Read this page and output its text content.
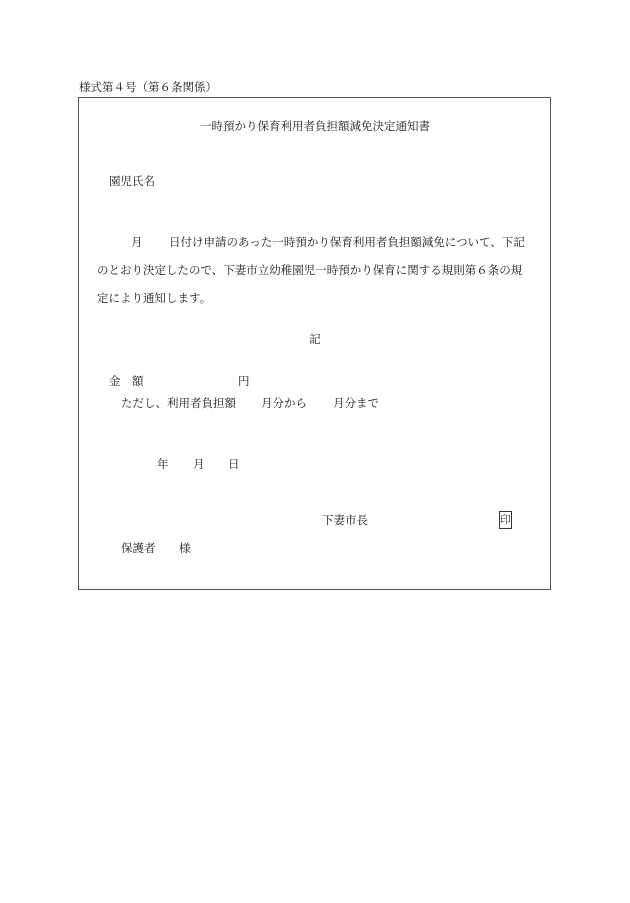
様式第４号（第６条関係）
一時預かり保育利用者負担額減免決定通知書
園児氏名
月 日付け申請のあった一時預かり保育利用者負担額減免について、下記
のとおり決定したので、下妻市立幼稚園児一時預かり保育に関する規則第６条の規
定により通知します。
記
金　額	円
ただし、利用者負担額 月分から 月分まで
年 月 日
下妻市長	印
保護者 様
